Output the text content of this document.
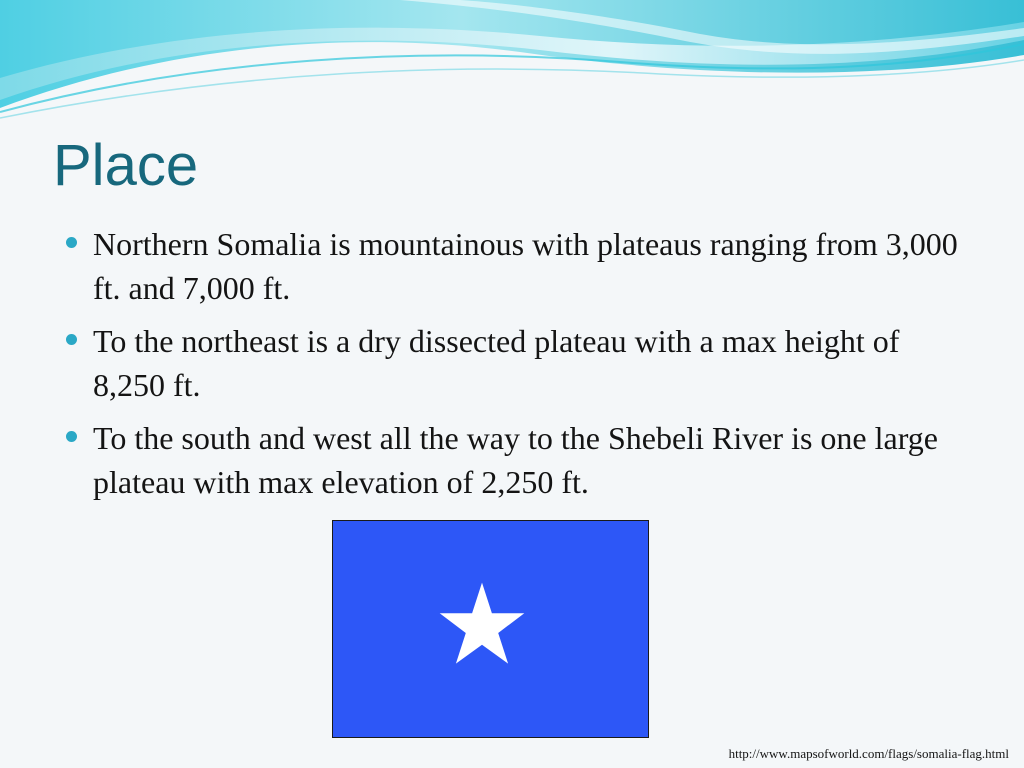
Place
Northern Somalia is mountainous with plateaus ranging from 3,000 ft. and 7,000 ft.
To the northeast is a dry dissected plateau with a max height of 8,250 ft.
To the south and west all the way to the Shebeli River is one large plateau with max elevation of 2,250 ft.
http://www.mapsofworld.com/flags/somalia-flag.html
